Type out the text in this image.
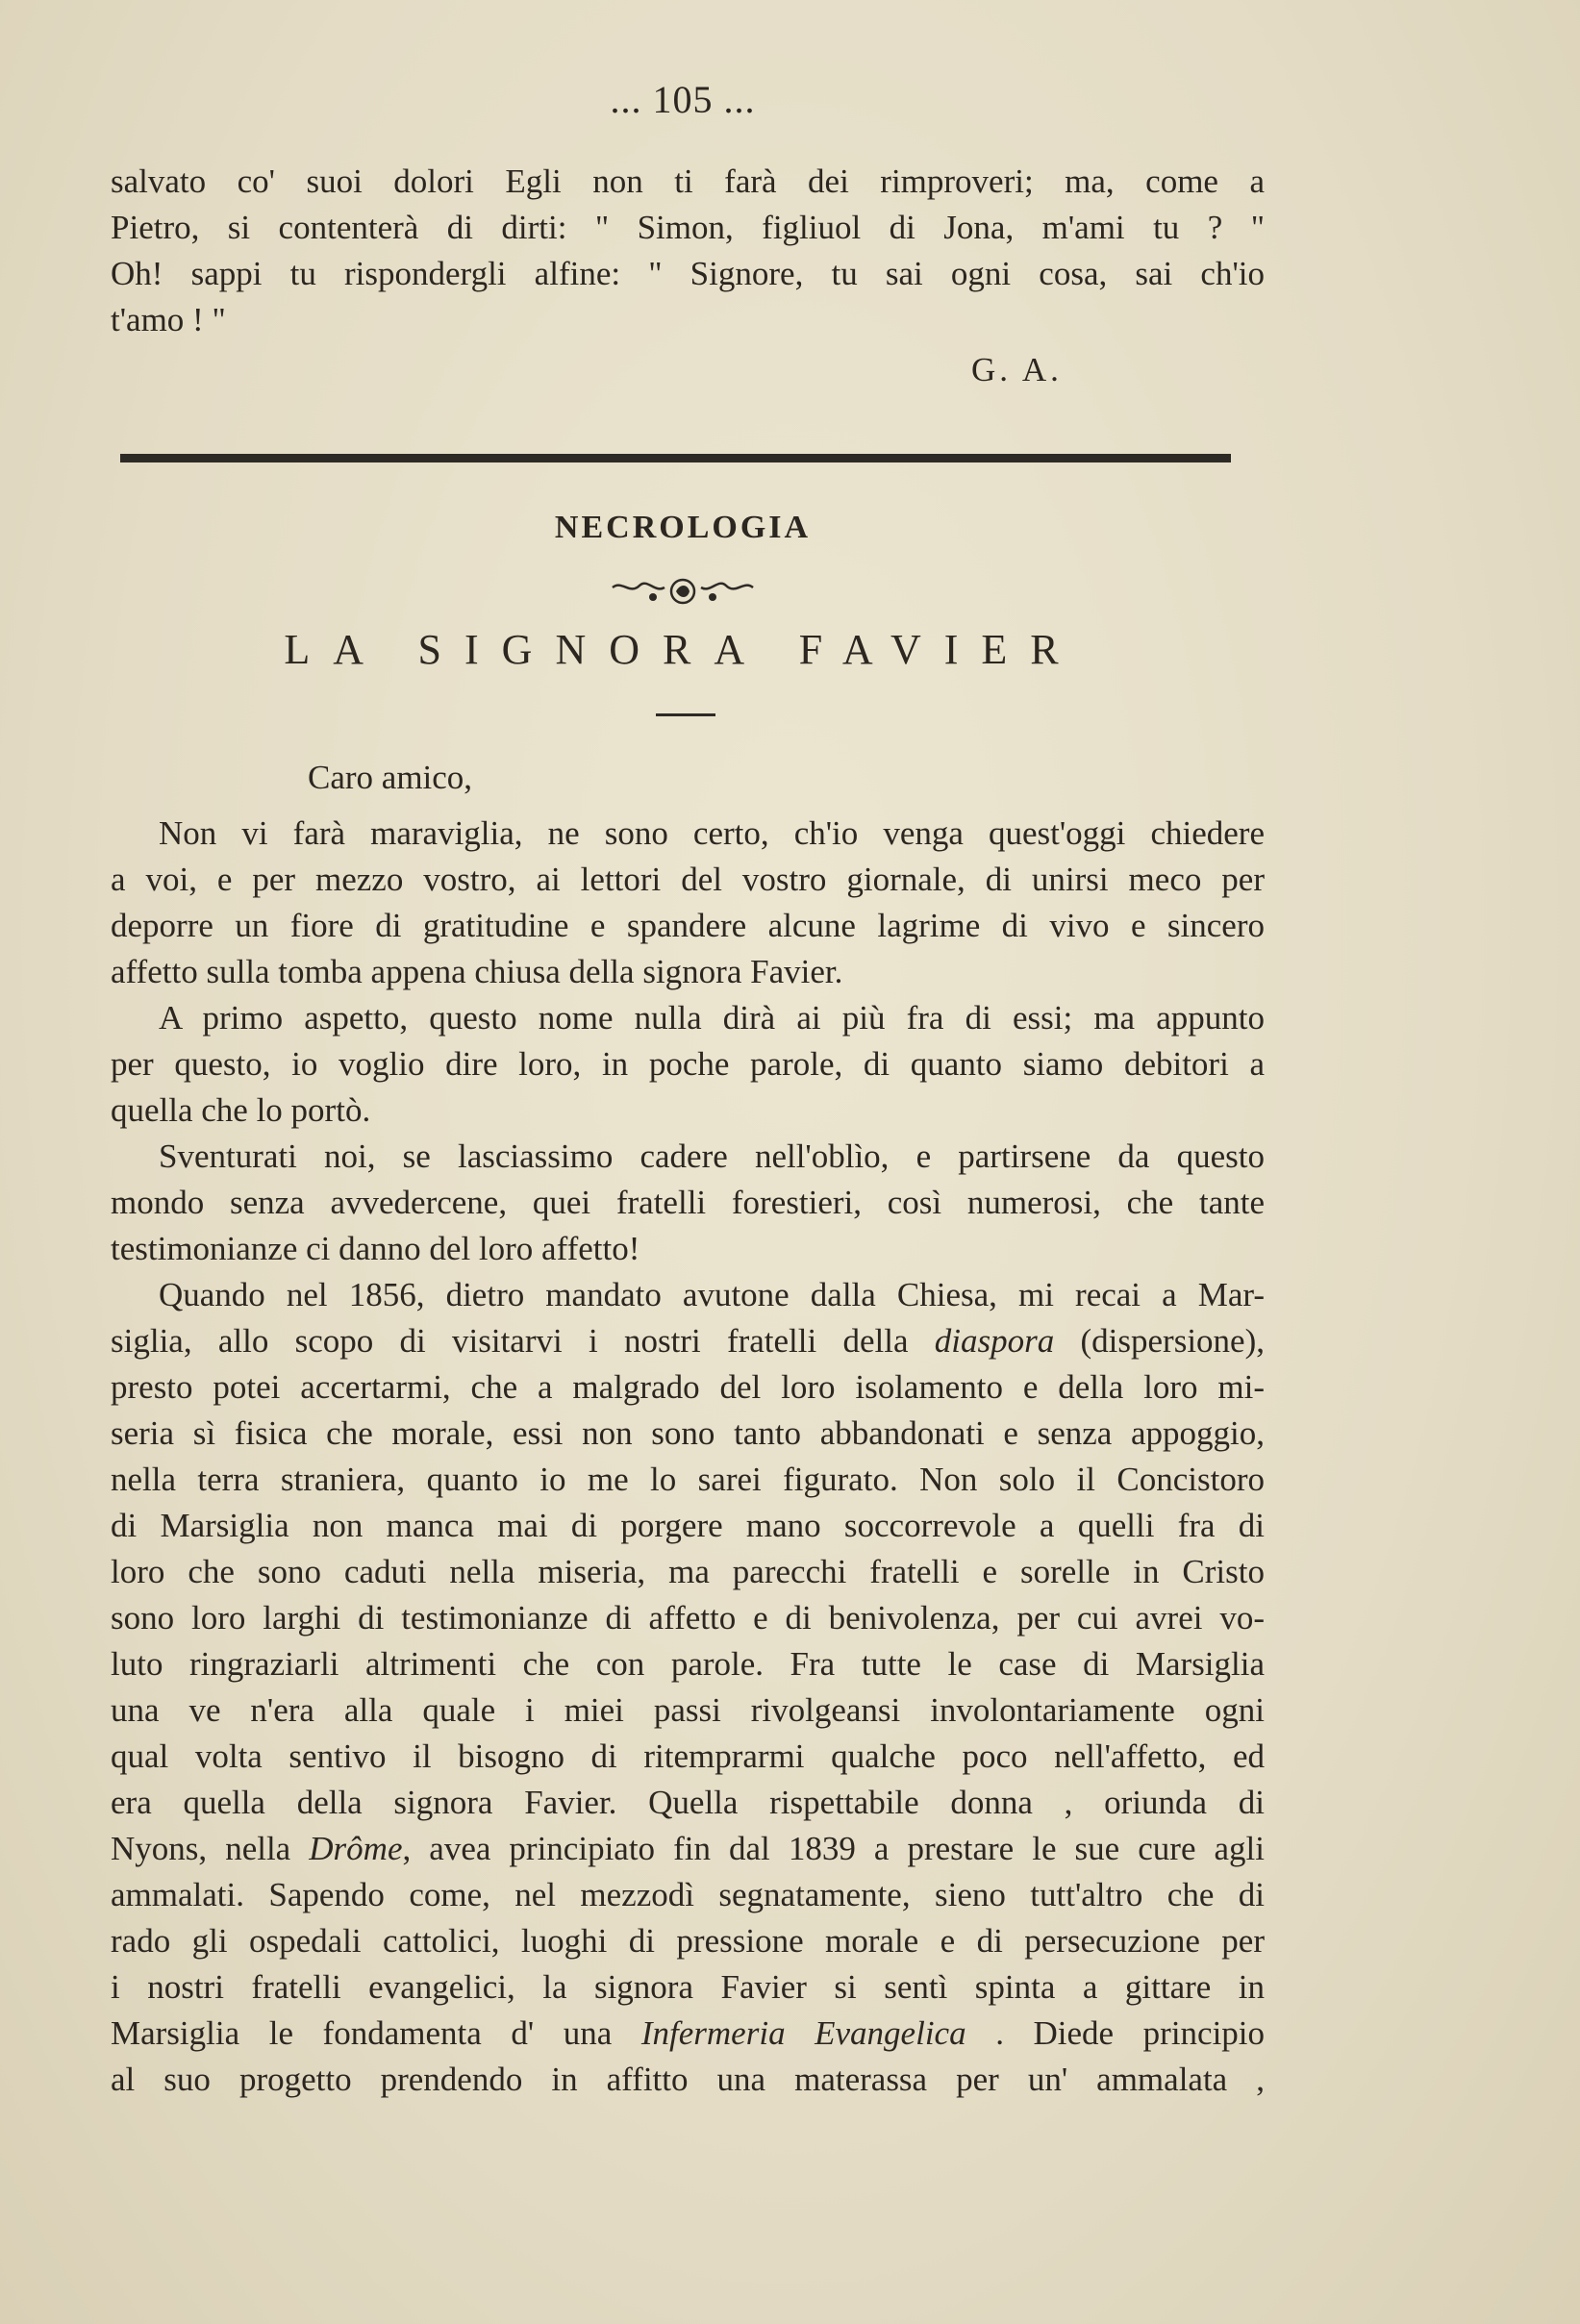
... 105 ...
salvato co' suoi dolori Egli non ti farà dei rimproveri; ma, come a
Pietro, si contenterà di dirti: " Simon, figliuol di Jona, m'ami tu ? "
Oh! sappi tu rispondergli alfine: " Signore, tu sai ogni cosa, sai ch'io
t'amo ! "
G. A.
NECROLOGIA
LA SIGNORA FAVIER
Caro amico,
Non vi farà maraviglia, ne sono certo, ch'io venga quest'oggi chiedere
a voi, e per mezzo vostro, ai lettori del vostro giornale, di unirsi meco per
deporre un fiore di gratitudine e spandere alcune lagrime di vivo e sincero
affetto sulla tomba appena chiusa della signora Favier.
A primo aspetto, questo nome nulla dirà ai più fra di essi; ma appunto
per questo, io voglio dire loro, in poche parole, di quanto siamo debitori a
quella che lo portò.
Sventurati noi, se lasciassimo cadere nell'oblìo, e partirsene da questo
mondo senza avvedercene, quei fratelli forestieri, così numerosi, che tante
testimonianze ci danno del loro affetto!
Quando nel 1856, dietro mandato avutone dalla Chiesa, mi recai a Mar-
siglia, allo scopo di visitarvi i nostri fratelli della diaspora (dispersione),
presto potei accertarmi, che a malgrado del loro isolamento e della loro mi-
seria sì fisica che morale, essi non sono tanto abbandonati e senza appoggio,
nella terra straniera, quanto io me lo sarei figurato. Non solo il Concistoro
di Marsiglia non manca mai di porgere mano soccorrevole a quelli fra di
loro che sono caduti nella miseria, ma parecchi fratelli e sorelle in Cristo
sono loro larghi di testimonianze di affetto e di benivolenza, per cui avrei vo-
luto ringraziarli altrimenti che con parole. Fra tutte le case di Marsiglia
una ve n'era alla quale i miei passi rivolgeansi involontariamente ogni
qual volta sentivo il bisogno di ritemprarmi qualche poco nell'affetto, ed
era quella della signora Favier. Quella rispettabile donna , oriunda di
Nyons, nella Drôme, avea principiato fin dal 1839 a prestare le sue cure agli
ammalati. Sapendo come, nel mezzodì segnatamente, sieno tutt'altro che di
rado gli ospedali cattolici, luoghi di pressione morale e di persecuzione per
i nostri fratelli evangelici, la signora Favier si sentì spinta a gittare in
Marsiglia le fondamenta d' una Infermeria Evangelica . Diede principio
al suo progetto prendendo in affitto una materassa per un' ammalata ,
